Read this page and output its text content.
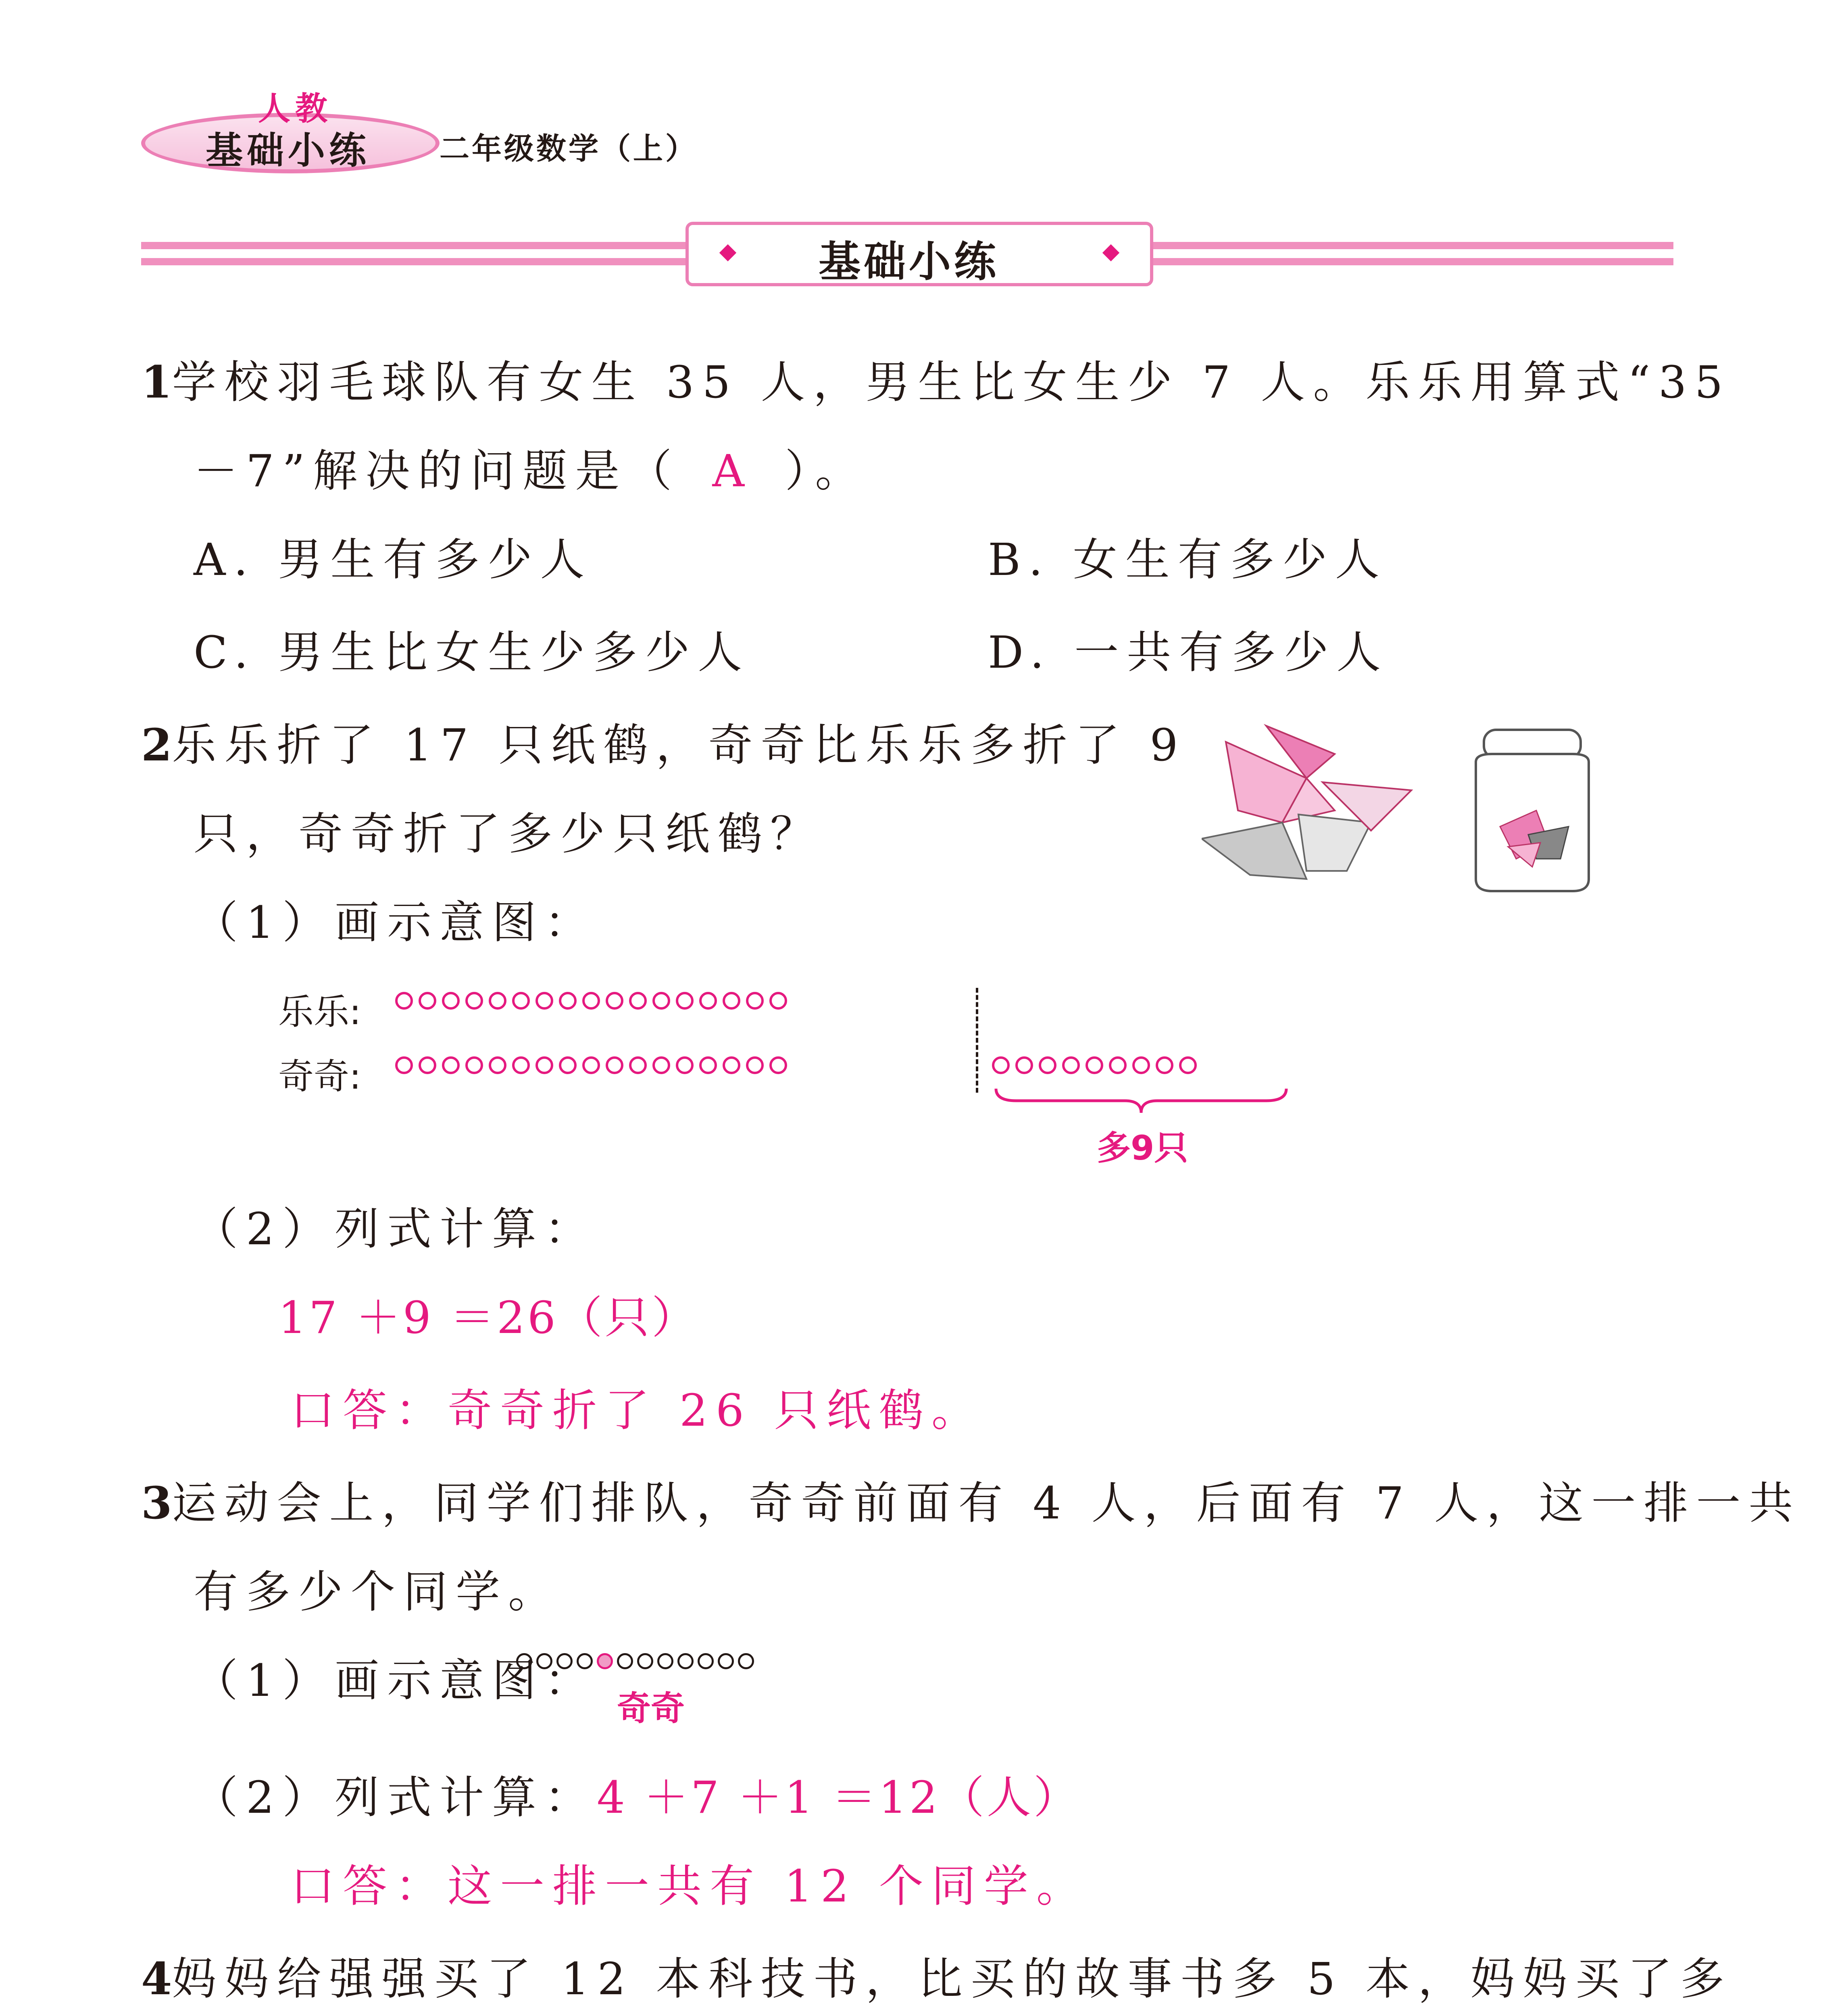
人教
基础小练 二年级数学（上）
基础小练
1学校羽毛球队有女生 35 人，男生比女生少 7 人。乐乐用算式“35
－7”解决的问题是（ A ）。
A. 男生有多少人	B. 女生有多少人
C. 男生比女生少多少人	D. 一共有多少人
2乐乐折了 17 只纸鹤，奇奇比乐乐多折了 9
只，奇奇折了多少只纸鹤？
（1）画示意图：
乐乐:
奇奇:
多9只
（2）列式计算：
17 ＋9 ＝26（只）
口答：奇奇折了 26 只纸鹤。
3运动会上，同学们排队，奇奇前面有 4 人，后面有 7 人，这一排一共
有多少个同学。
（1）画示意图：
奇奇
（2）列式计算：4 ＋7 ＋1 ＝12（人）
口答：这一排一共有 12 个同学。
4妈妈给强强买了 12 本科技书，比买的故事书多 5 本，妈妈买了多
